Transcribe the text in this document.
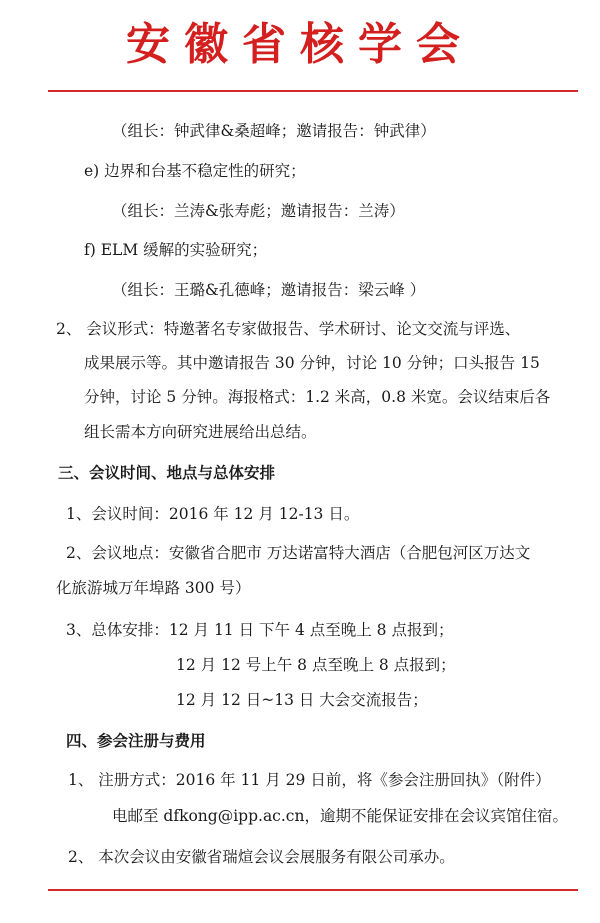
安徽省核学会
（组长：钟武律&桑超峰；邀请报告：钟武律）
e) 边界和台基不稳定性的研究；
（组长：兰涛&张寿彪；邀请报告：兰涛）
f) ELM 缓解的实验研究；
（组长：王璐&孔德峰；邀请报告：梁云峰 ）
2、 会议形式：特邀著名专家做报告、学术研讨、论文交流与评选、
成果展示等。其中邀请报告 30 分钟，讨论 10 分钟；口头报告 15
分钟，讨论 5 分钟。海报格式：1.2 米高，0.8 米宽。会议结束后各
组长需本方向研究进展给出总结。
三、会议时间、地点与总体安排
1、会议时间：2016 年 12 月 12-13 日。
2、会议地点：安徽省合肥市 万达诺富特大酒店（合肥包河区万达文
化旅游城万年埠路 300 号）
3、总体安排：12 月 11 日 下午 4 点至晚上 8 点报到；
12 月 12 号上午 8 点至晚上 8 点报到；
12 月 12 日~13 日 大会交流报告；
四、参会注册与费用
1、 注册方式：2016 年 11 月 29 日前，将《参会注册回执》（附件）
电邮至 dfkong@ipp.ac.cn，逾期不能保证安排在会议宾馆住宿。
2、 本次会议由安徽省瑞煊会议会展服务有限公司承办。
